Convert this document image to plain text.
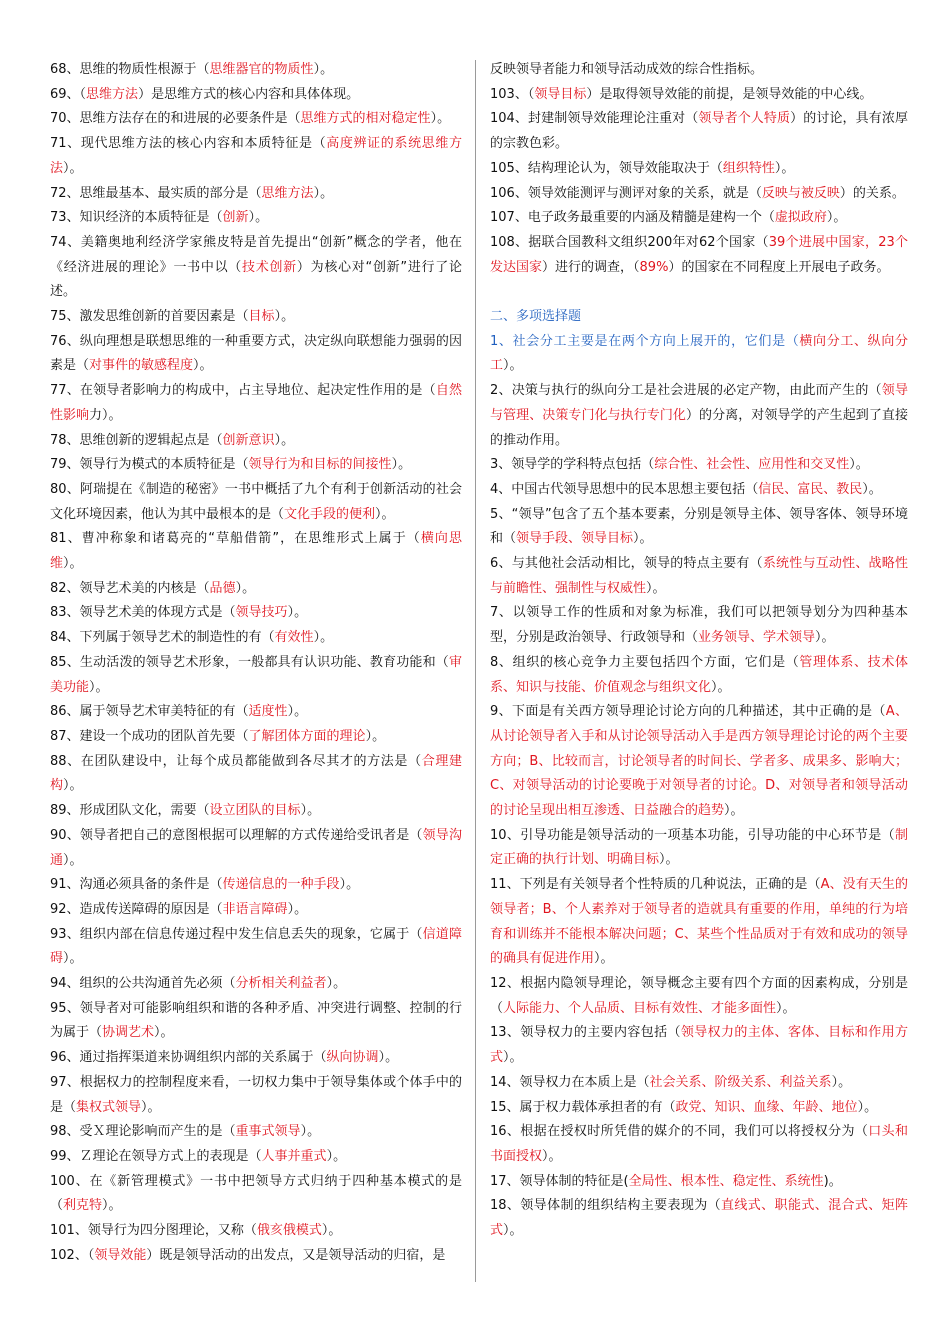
68、思维的物质性根源于（思维器官的物质性）。

69、（思维方法）是思维方式的核心内容和具体体现。

70、思维方法存在的和进展的必要条件是（思维方式的相对稳定性）。

71、现代思维方法的核心内容和本质特征是（高度辨证的系统思维方法）。

72、思维最基本、最实质的部分是（思维方法）。

73、知识经济的本质特征是（创新）。

74、美籍奥地利经济学家熊皮特是首先提出“创新”概念的学者，他在《经济进展的理论》一书中以（技术创新）为核心对“创新”进行了论述。

75、激发思维创新的首要因素是（目标）。

76、纵向理想是联想思维的一种重要方式，决定纵向联想能力强弱的因素是（对事件的敏感程度）。

77、在领导者影响力的构成中，占主导地位、起决定性作用的是（自然性影响力）。

78、思维创新的逻辑起点是（创新意识）。

79、领导行为模式的本质特征是（领导行为和目标的间接性）。

80、阿瑞提在《制造的秘密》一书中概括了九个有利于创新活动的社会文化环境因素，他认为其中最根本的是（文化手段的便利）。

81、曹冲称象和诸葛亮的“草船借箭”，在思维形式上属于（横向思维）。

82、领导艺术美的内核是（品德）。

83、领导艺术美的体现方式是（领导技巧）。

84、下列属于领导艺术的制造性的有（有效性）。

85、生动活泼的领导艺术形象，一般都具有认识功能、教育功能和（审美功能）。

86、属于领导艺术审美特征的有（适度性）。

87、建设一个成功的团队首先要（了解团体方面的理论）。

88、在团队建设中，让每个成员都能做到各尽其才的方法是（合理建构）。

89、形成团队文化，需要（设立团队的目标）。

90、领导者把自己的意图根据可以理解的方式传递给受讯者是（领导沟通）。

91、沟通必须具备的条件是（传递信息的一种手段）。

92、造成传送障碍的原因是（非语言障碍）。

93、组织内部在信息传递过程中发生信息丢失的现象，它属于（信道障碍）。

94、组织的公共沟通首先必须（分析相关利益者）。

95、领导者对可能影响组织和谐的各种矛盾、冲突进行调整、控制的行为属于（协调艺术）。

96、通过指挥渠道来协调组织内部的关系属于（纵向协调）。

97、根据权力的控制程度来看，一切权力集中于领导集体或个体手中的是（集权式领导）。

98、受Ｘ理论影响而产生的是（重事式领导）。

99、Ｚ理论在领导方式上的表现是（人事并重式）。

100、在《新管理模式》一书中把领导方式归纳于四种基本模式的是（利克特）。

101、领导行为四分图理论，又称（俄亥俄模式）。

102、（领导效能）既是领导活动的出发点，又是领导活动的归宿，是

反映领导者能力和领导活动成效的综合性指标。

103、（领导目标）是取得领导效能的前提，是领导效能的中心线。

104、封建制领导效能理论注重对（领导者个人特质）的讨论，具有浓厚的宗教色彩。

105、结构理论认为，领导效能取决于（组织特性）。

106、领导效能测评与测评对象的关系，就是（反映与被反映）的关系。

107、电子政务最重要的内涵及精髓是建构一个（虚拟政府）。

108、据联合国教科文组织200年对62个国家（39个进展中国家，23个发达国家）进行的调查，（89%）的国家在不同程度上开展电子政务。

二、多项选择题

1、社会分工主要是在两个方向上展开的，它们是（横向分工、纵向分工）。

2、决策与执行的纵向分工是社会进展的必定产物，由此而产生的（领导与管理、决策专门化与执行专门化）的分离，对领导学的产生起到了直接的推动作用。

3、领导学的学科特点包括（综合性、社会性、应用性和交叉性）。

4、中国古代领导思想中的民本思想主要包括（信民、富民、教民）。

5、“领导”包含了五个基本要素，分别是领导主体、领导客体、领导环境和（领导手段、领导目标）。

6、与其他社会活动相比，领导的特点主要有（系统性与互动性、战略性与前瞻性、强制性与权威性）。

7、以领导工作的性质和对象为标准，我们可以把领导划分为四种基本型，分别是政治领导、行政领导和（业务领导、学术领导）。

8、组织的核心竞争力主要包括四个方面，它们是（管理体系、技术体系、知识与技能、价值观念与组织文化）。

9、下面是有关西方领导理论讨论方向的几种描述，其中正确的是（A、从讨论领导者入手和从讨论领导活动入手是西方领导理论讨论的两个主要方向；B、比较而言，讨论领导者的时间长、学者多、成果多、影响大；C、对领导活动的讨论要晚于对领导者的讨论。D、对领导者和领导活动的讨论呈现出相互渗透、日益融合的趋势）。

10、引导功能是领导活动的一项基本功能，引导功能的中心环节是（制定正确的执行计划、明确目标）。

11、下列是有关领导者个性特质的几种说法，正确的是（A、没有天生的领导者；B、个人素养对于领导者的造就具有重要的作用，单纯的行为培育和训练并不能根本解决问题；C、某些个性品质对于有效和成功的领导的确具有促进作用）。

12、根据内隐领导理论，领导概念主要有四个方面的因素构成，分别是（人际能力、个人品质、目标有效性、才能多面性）。

13、领导权力的主要内容包括（领导权力的主体、客体、目标和作用方式）。

14、领导权力在本质上是（社会关系、阶级关系、利益关系）。

15、属于权力载体承担者的有（政党、知识、血缘、年龄、地位）。

16、根据在授权时所凭借的媒介的不同，我们可以将授权分为（口头和书面授权）。

17、领导体制的特征是(全局性、根本性、稳定性、系统性)。

18、领导体制的组织结构主要表现为（直线式、职能式、混合式、矩阵式）。
